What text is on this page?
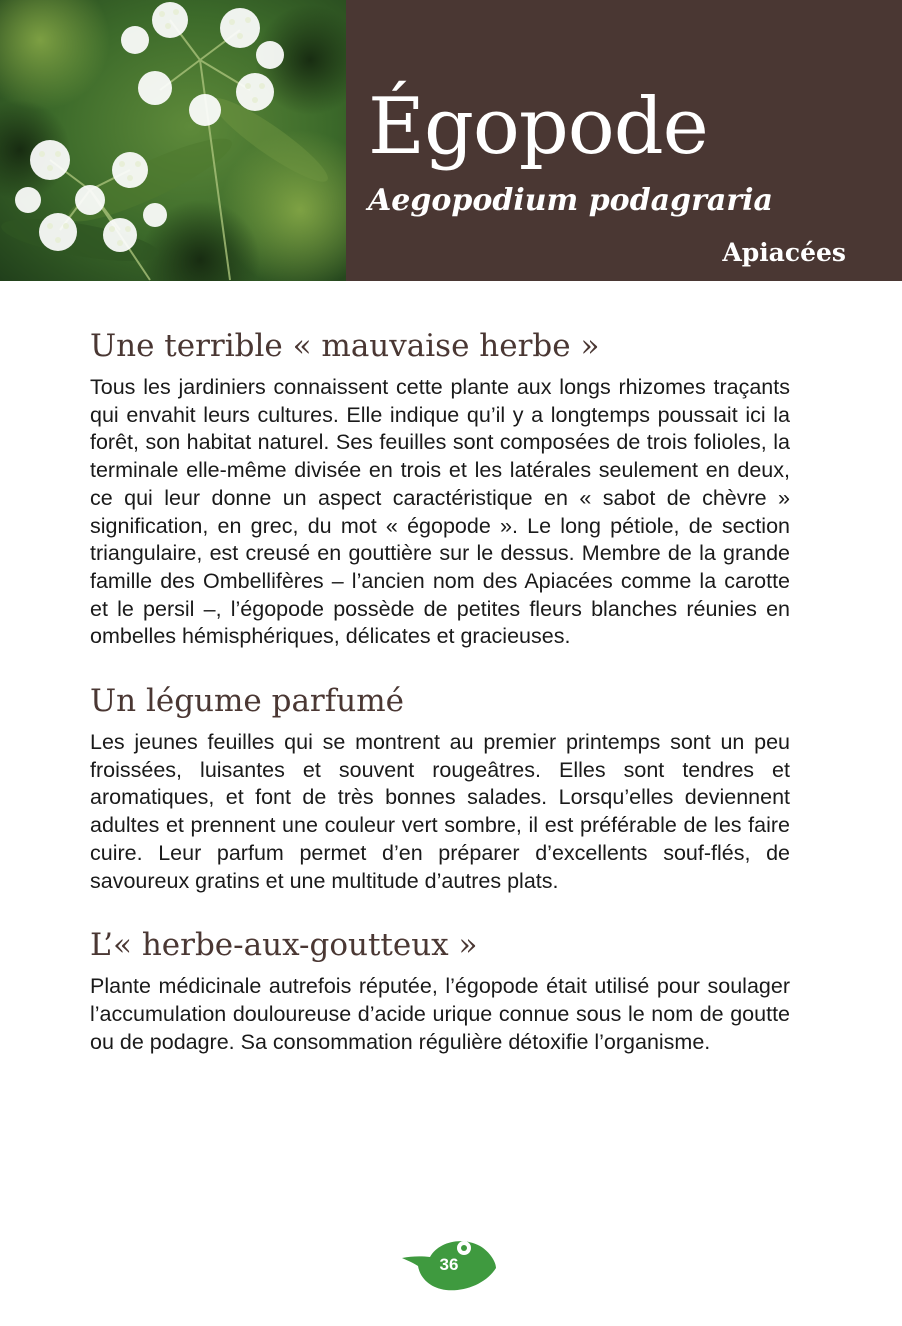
Égopode

Aegopodium podagraria

Apiacées

Une terrible « mauvaise herbe »

Tous les jardiniers connaissent cette plante aux longs rhizomes traçants qui envahit leurs cultures. Elle indique qu’il y a longtemps poussait ici la forêt, son habitat naturel. Ses feuilles sont composées de trois folioles, la terminale elle-même divisée en trois et les latérales seulement en deux, ce qui leur donne un aspect caractéristique en « sabot de chèvre » signification, en grec, du mot « égopode ». Le long pétiole, de section triangulaire, est creusé en gouttière sur le dessus. Membre de la grande famille des Ombellifères – l’ancien nom des Apiacées comme la carotte et le persil –, l’égopode possède de petites fleurs blanches réunies en ombelles hémisphériques, délicates et gracieuses.

Un légume parfumé

Les jeunes feuilles qui se montrent au premier printemps sont un peu froissées, luisantes et souvent rougeâtres. Elles sont tendres et aromatiques, et font de très bonnes salades. Lorsqu’elles deviennent adultes et prennent une couleur vert sombre, il est préférable de les faire cuire. Leur parfum permet d’en préparer d’excellents souf-flés, de savoureux gratins et une multitude d’autres plats.

L’« herbe-aux-goutteux »

Plante médicinale autrefois réputée, l’égopode était utilisé pour soulager l’accumulation douloureuse d’acide urique connue sous le nom de goutte ou de podagre. Sa consommation régulière détoxifie l’organisme.

36
